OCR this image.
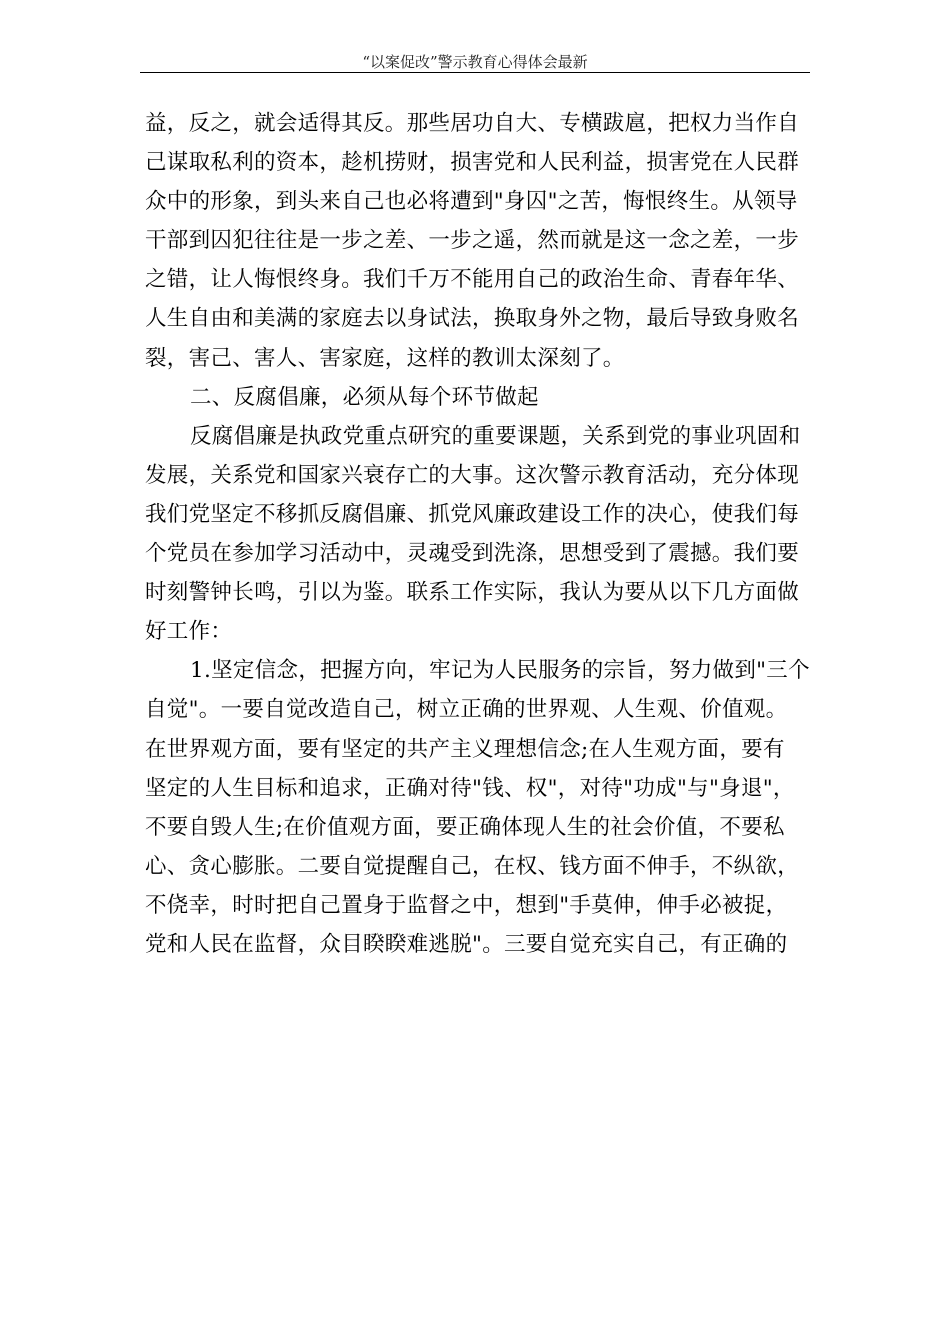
“以案促改”警示教育心得体会最新
益，反之，就会适得其反。那些居功自大、专横跋扈，把权力当作自
己谋取私利的资本，趁机捞财，损害党和人民利益，损害党在人民群
众中的形象，到头来自己也必将遭到"身囚"之苦，悔恨终生。从领导
干部到囚犯往往是一步之差、一步之遥，然而就是这一念之差，一步
之错，让人悔恨终身。我们千万不能用自己的政治生命、青春年华、
人生自由和美满的家庭去以身试法，换取身外之物，最后导致身败名
裂，害己、害人、害家庭，这样的教训太深刻了。
二、反腐倡廉，必须从每个环节做起
反腐倡廉是执政党重点研究的重要课题，关系到党的事业巩固和
发展，关系党和国家兴衰存亡的大事。这次警示教育活动，充分体现
我们党坚定不移抓反腐倡廉、抓党风廉政建设工作的决心，使我们每
个党员在参加学习活动中，灵魂受到洗涤，思想受到了震撼。我们要
时刻警钟长鸣，引以为鉴。联系工作实际，我认为要从以下几方面做
好工作：
1.坚定信念，把握方向，牢记为人民服务的宗旨，努力做到"三个
自觉"。一要自觉改造自己，树立正确的世界观、人生观、价值观。
在世界观方面，要有坚定的共产主义理想信念;在人生观方面，要有
坚定的人生目标和追求，正确对待"钱、权"，对待"功成"与"身退"，
不要自毁人生;在价值观方面，要正确体现人生的社会价值，不要私
心、贪心膨胀。二要自觉提醒自己，在权、钱方面不伸手，不纵欲，
不侥幸，时时把自己置身于监督之中，想到"手莫伸，伸手必被捉，
党和人民在监督，众目睽睽难逃脱"。三要自觉充实自己，有正确的
